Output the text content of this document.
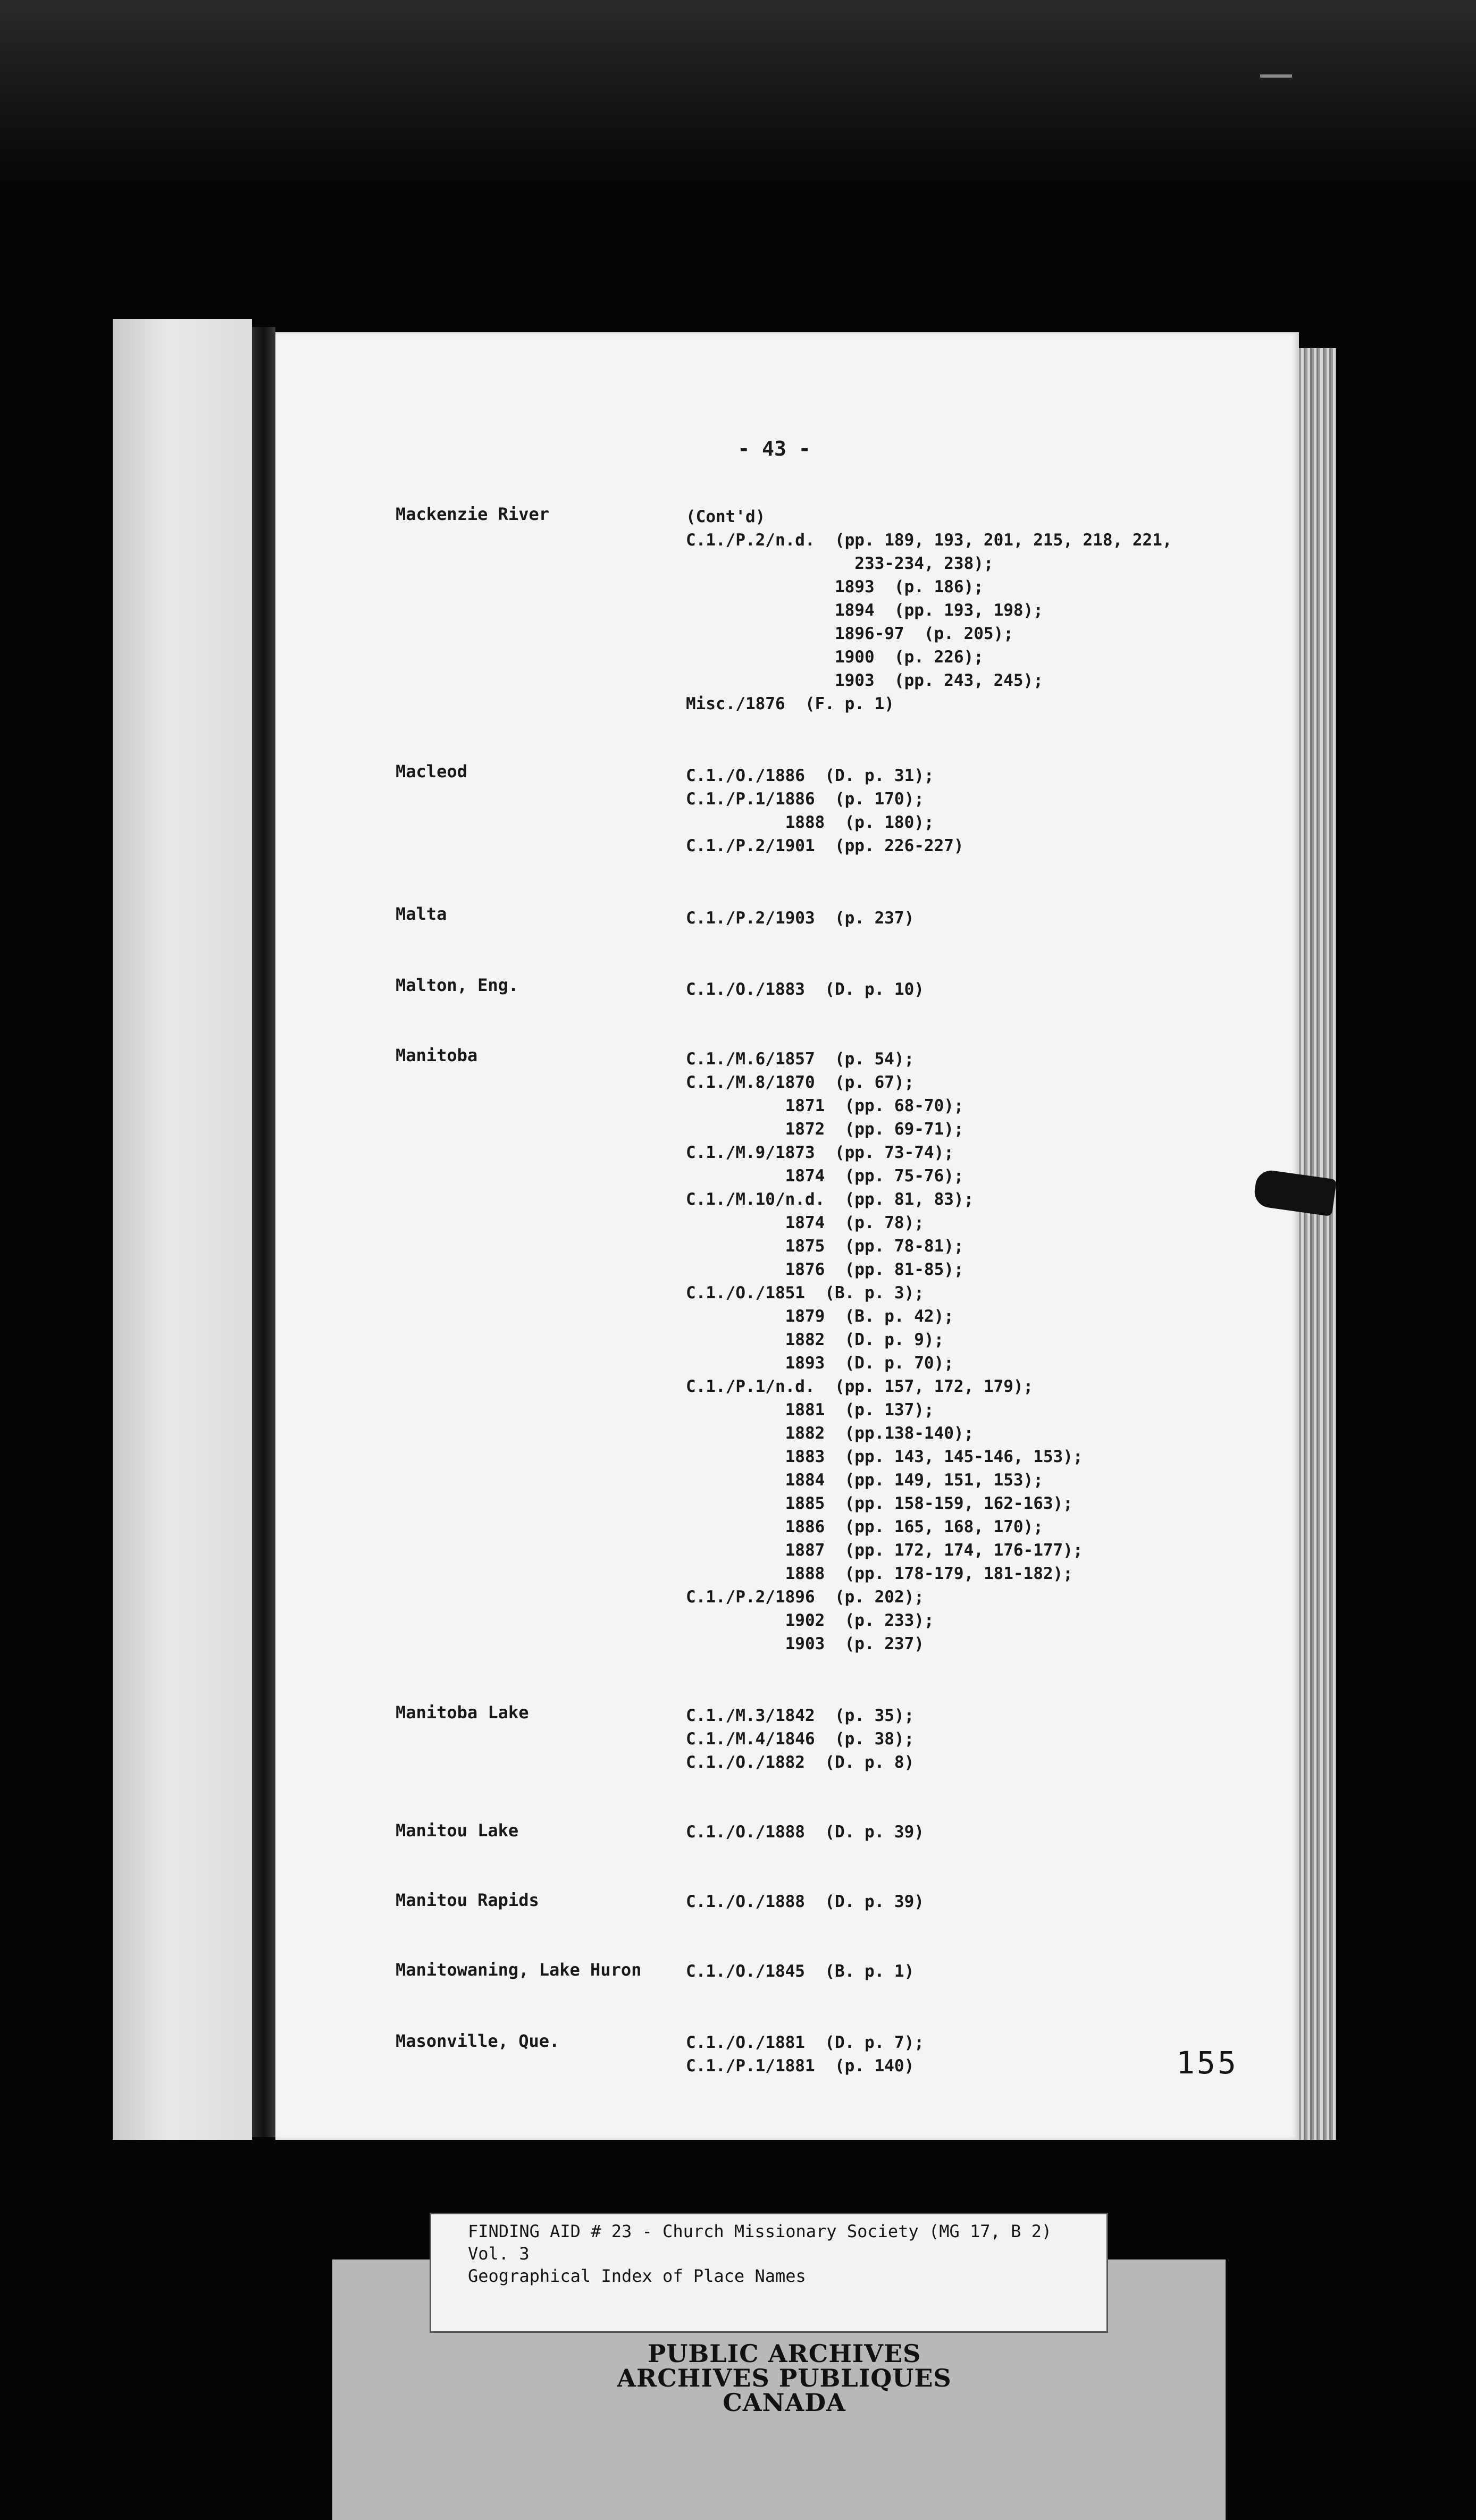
- 43 -
Mackenzie River	(Cont'd)
C.1./P.2/n.d.  (pp. 189, 193, 201, 215, 218, 221,
233-234, 238);
1893  (p. 186);
1894  (pp. 193, 198);
1896-97  (p. 205);
1900  (p. 226);
1903  (pp. 243, 245);
Misc./1876  (F. p. 1)
Macleod	C.1./O./1886  (D. p. 31);
C.1./P.1/1886  (p. 170);
1888  (p. 180);
C.1./P.2/1901  (pp. 226-227)
Malta	C.1./P.2/1903  (p. 237)
Malton, Eng.	C.1./O./1883  (D. p. 10)
Manitoba	C.1./M.6/1857  (p. 54);
C.1./M.8/1870  (p. 67);
1871  (pp. 68-70);
1872  (pp. 69-71);
C.1./M.9/1873  (pp. 73-74);
1874  (pp. 75-76);
C.1./M.10/n.d.  (pp. 81, 83);
1874  (p. 78);
1875  (pp. 78-81);
1876  (pp. 81-85);
C.1./O./1851  (B. p. 3);
1879  (B. p. 42);
1882  (D. p. 9);
1893  (D. p. 70);
C.1./P.1/n.d.  (pp. 157, 172, 179);
1881  (p. 137);
1882  (pp.138-140);
1883  (pp. 143, 145-146, 153);
1884  (pp. 149, 151, 153);
1885  (pp. 158-159, 162-163);
1886  (pp. 165, 168, 170);
1887  (pp. 172, 174, 176-177);
1888  (pp. 178-179, 181-182);
C.1./P.2/1896  (p. 202);
1902  (p. 233);
1903  (p. 237)
Manitoba Lake	C.1./M.3/1842  (p. 35);
C.1./M.4/1846  (p. 38);
C.1./O./1882  (D. p. 8)
Manitou Lake	C.1./O./1888  (D. p. 39)
Manitou Rapids	C.1./O./1888  (D. p. 39)
Manitowaning, Lake Huron	C.1./O./1845  (B. p. 1)
Masonville, Que.	C.1./O./1881  (D. p. 7);
C.1./P.1/1881  (p. 140)	155
FINDING AID # 23 - Church Missionary Society (MG 17, B 2)
Vol. 3
Geographical Index of Place Names
PUBLIC ARCHIVES
ARCHIVES PUBLIQUES
CANADA
